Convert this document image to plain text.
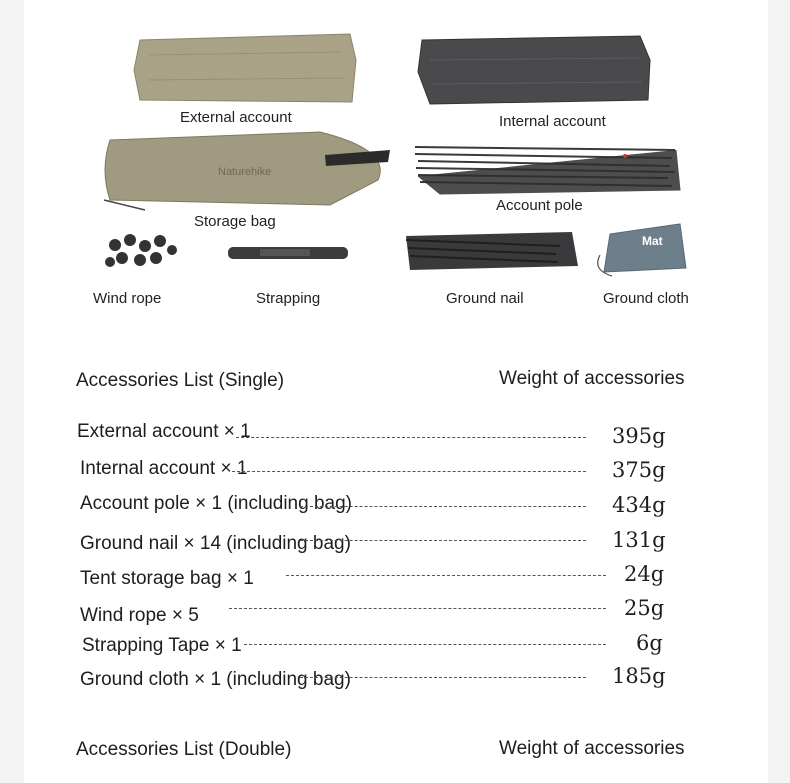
Naturehike
Mat
External account	Internal account
Storage bag
Account pole
Wind rope	Strapping	Ground nail	Ground cloth
Accessories List (Single)	Weight of accessories
External account × 1	395g
Internal account × 1	375g
Account pole × 1 (including bag)	434g
Ground nail × 14 (including bag)	131g
Tent storage bag × 1	24g
Wind rope × 5	25g
Strapping Tape × 1	6g
Ground cloth × 1 (including bag)	185g
Accessories List (Double)	Weight of accessories
